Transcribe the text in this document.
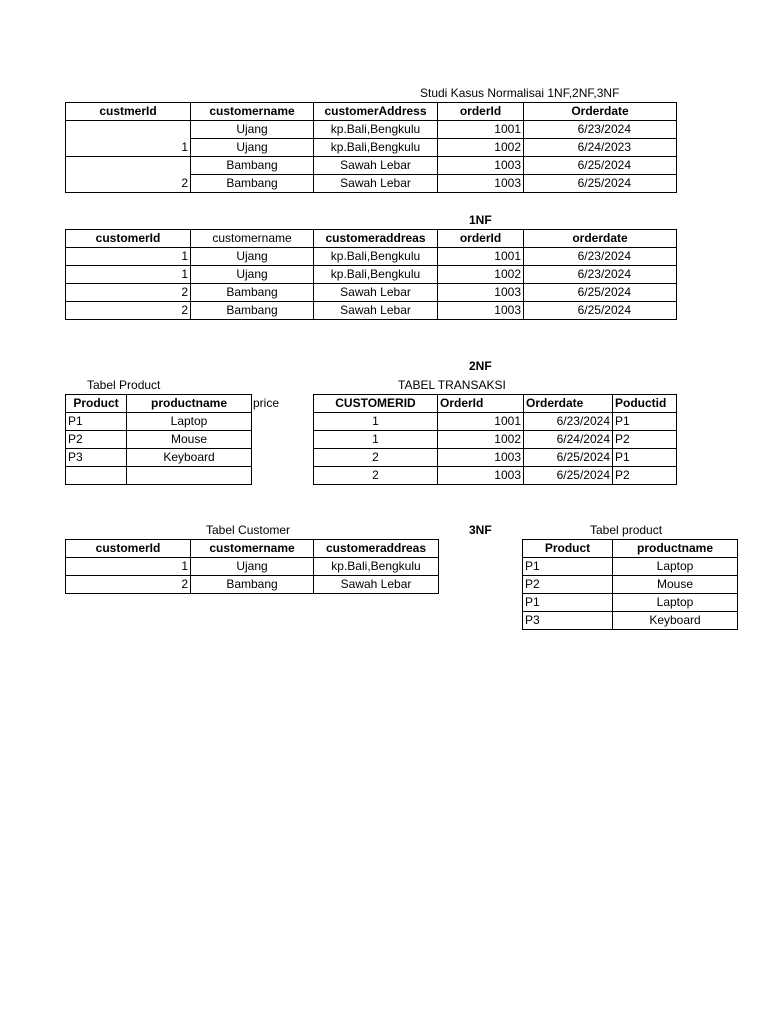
Studi Kasus Normalisai 1NF,2NF,3NF
custmerId	customername	customerAddress	orderId	Orderdate
	Ujang	kp.Bali,Bengkulu	1001	6/23/2024
1	Ujang	kp.Bali,Bengkulu	1002	6/24/2023
	Bambang	Sawah Lebar	1003	6/25/2024
2	Bambang	Sawah Lebar	1003	6/25/2024
1NF
customerId	customername	customeraddreas	orderId	orderdate
1	Ujang	kp.Bali,Bengkulu	1001	6/23/2024
1	Ujang	kp.Bali,Bengkulu	1002	6/23/2024
2	Bambang	Sawah Lebar	1003	6/25/2024
2	Bambang	Sawah Lebar	1003	6/25/2024
2NF
Tabel Product	TABEL TRANSAKSI
price
Product	productname
P1	Laptop
P2	Mouse
P3	Keyboard

CUSTOMERID	OrderId	Orderdate	Poductid
1	1001	6/23/2024	P1
1	1002	6/24/2024	P2
2	1003	6/25/2024	P1
2	1003	6/25/2024	P2
Tabel Customer	3NF	Tabel product
customerId	customername	customeraddreas
1	Ujang	kp.Bali,Bengkulu
2	Bambang	Sawah Lebar
Product	productname
P1	Laptop
P2	Mouse
P1	Laptop
P3	Keyboard
